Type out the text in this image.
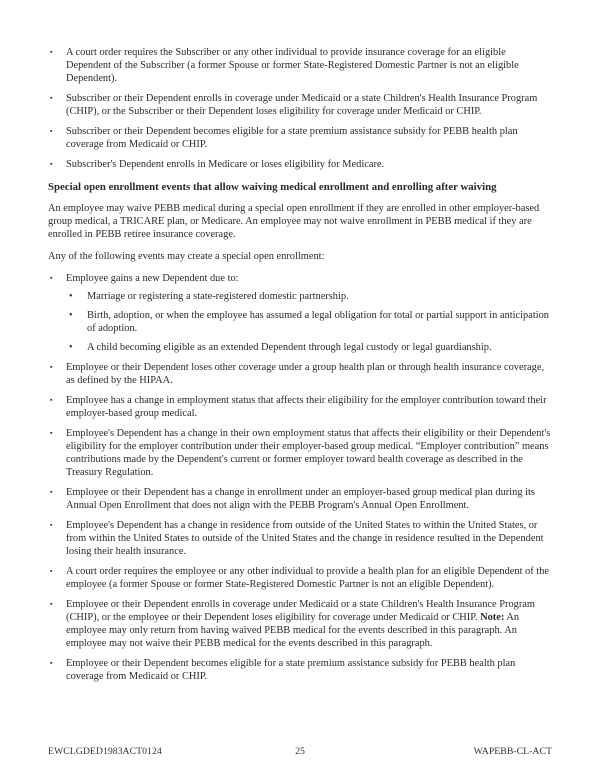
▪	A court order requires the Subscriber or any other individual to provide insurance coverage for an eligible Dependent of the Subscriber (a former Spouse or former State-Registered Domestic Partner is not an eligible Dependent).
▪	Subscriber or their Dependent enrolls in coverage under Medicaid or a state Children's Health Insurance Program (CHIP), or the Subscriber or their Dependent loses eligibility for coverage under Medicaid or CHIP.
▪	Subscriber or their Dependent becomes eligible for a state premium assistance subsidy for PEBB health plan coverage from Medicaid or CHIP.
▪	Subscriber's Dependent enrolls in Medicare or loses eligibility for Medicare.
Special open enrollment events that allow waiving medical enrollment and enrolling after waiving

An employee may waive PEBB medical during a special open enrollment if they are enrolled in other employer-based group medical, a TRICARE plan, or Medicare. An employee may not waive enrollment in PEBB medical if they are enrolled in PEBB retiree insurance coverage.

Any of the following events may create a special open enrollment:

▪	Employee gains a new Dependent due to:
•	Marriage or registering a state-registered domestic partnership.
•	Birth, adoption, or when the employee has assumed a legal obligation for total or partial support in anticipation of adoption.
•	A child becoming eligible as an extended Dependent through legal custody or legal guardianship.
▪	Employee or their Dependent loses other coverage under a group health plan or through health insurance coverage, as defined by the HIPAA.
▪	Employee has a change in employment status that affects their eligibility for the employer contribution toward their employer-based group medical.
▪	Employee's Dependent has a change in their own employment status that affects their eligibility or their Dependent's eligibility for the employer contribution under their employer-based group medical. “Employer contribution” means contributions made by the Dependent's current or former employer toward health coverage as described in the Treasury Regulation.
▪	Employee or their Dependent has a change in enrollment under an employer-based group medical plan during its Annual Open Enrollment that does not align with the PEBB Program's Annual Open Enrollment.
▪	Employee's Dependent has a change in residence from outside of the United States to within the United States, or from within the United States to outside of the United States and the change in residence resulted in the Dependent losing their health insurance.
▪	A court order requires the employee or any other individual to provide a health plan for an eligible Dependent of the employee (a former Spouse or former State-Registered Domestic Partner is not an eligible Dependent).
▪	Employee or their Dependent enrolls in coverage under Medicaid or a state Children's Health Insurance Program (CHIP), or the employee or their Dependent loses eligibility for coverage under Medicaid or CHIP. Note: An employee may only return from having waived PEBB medical for the events described in this paragraph. An employee may not waive their PEBB medical for the events described in this paragraph.
▪	Employee or their Dependent becomes eligible for a state premium assistance subsidy for PEBB health plan coverage from Medicaid or CHIP.
EWCLGDED1983ACT0124	25	WAPEBB-CL-ACT
